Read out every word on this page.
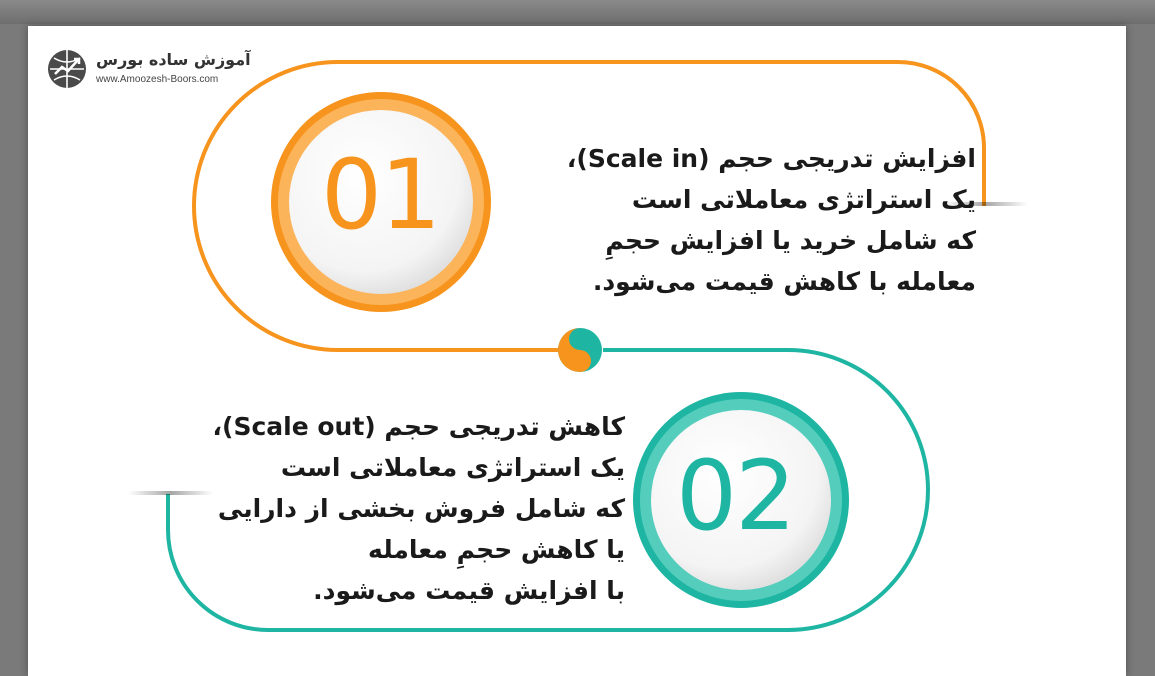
آموزش ساده بورس
www.Amoozesh-Boors.com
01
02
افزایش تدریجی حجم (Scale in)،
یک استراتژی معاملاتی است
که شامل خرید یا افزایش حجمِ
معامله با کاهش قیمت می‌شود.
کاهش تدریجی حجم (Scale out)،
یک استراتژی معاملاتی است
که شامل فروش بخشی از دارایی
یا کاهش حجمِ معامله
با افزایش قیمت می‌شود.
